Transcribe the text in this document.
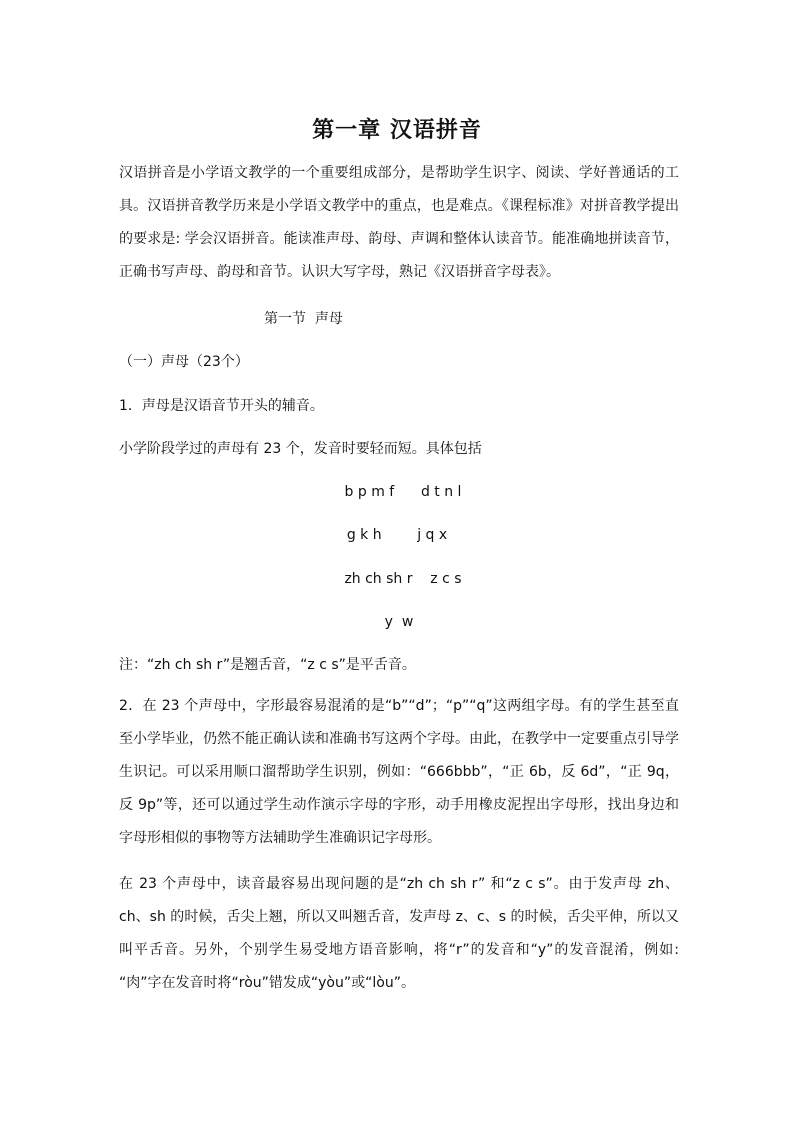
第一章 汉语拼音

汉语拼音是小学语文教学的一个重要组成部分，是帮助学生识字、阅读、学好普通话的工具。汉语拼音教学历来是小学语文教学中的重点，也是难点。《课程标准》对拼音教学提出的要求是: 学会汉语拼音。能读准声母、韵母、声调和整体认读音节。能准确地拼读音节，正确书写声母、韵母和音节。认识大写字母，熟记《汉语拼音字母表》。

第一节  声母
（一）声母（23个）
1．声母是汉语音节开头的辅音。
小学阶段学过的声母有 23 个，发音时要轻而短。具体包括
b p m f      d t n l
g k h        j q x
zh ch sh r    z c s
y  w
注：“zh ch sh r”是翘舌音，“z c s”是平舌音。

2．在 23 个声母中，字形最容易混淆的是“b”“d”；“p”“q”这两组字母。有的学生甚至直至小学毕业，仍然不能正确认读和准确书写这两个字母。由此，在教学中一定要重点引导学生识记。可以采用顺口溜帮助学生识别，例如：“666bbb”，“正 6b，反 6d”，“正 9q，反 9p”等，还可以通过学生动作演示字母的字形，动手用橡皮泥捏出字母形，找出身边和字母形相似的事物等方法辅助学生准确识记字母形。

在 23 个声母中，读音最容易出现问题的是“zh ch sh r” 和“z c s”。由于发声母 zh、ch、sh 的时候，舌尖上翘，所以又叫翘舌音，发声母 z、c、s 的时候，舌尖平伸，所以又叫平舌音。另外，个别学生易受地方语音影响，将“r”的发音和“y”的发音混淆，例如: “肉”字在发音时将“ròu”错发成“yòu”或“lòu”。
